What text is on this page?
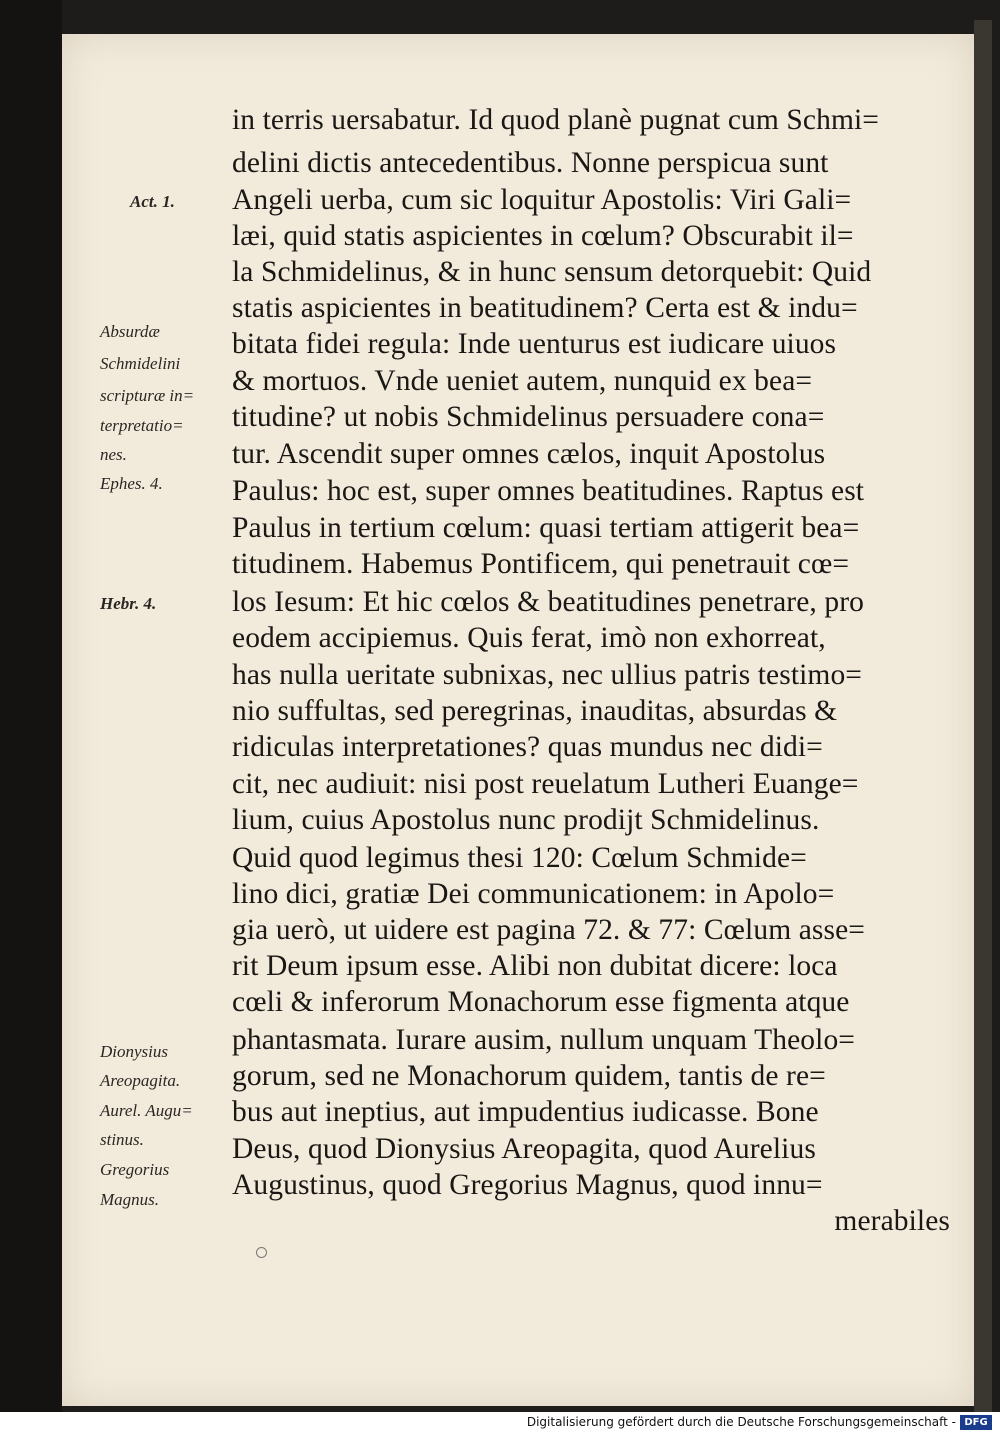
in terris uersabatur. Id quod planè pugnat cum Schmi=
delini dictis antecedentibus. Nonne perspicua sunt
Angeli uerba, cum sic loquitur Apostolis: Viri Gali=
læi, quid statis aspicientes in cœlum? Obscurabit il=
la Schmidelinus, & in hunc sensum detorquebit: Quid
statis aspicientes in beatitudinem? Certa est & indu=
bitata fidei regula: Inde uenturus est iudicare uiuos
& mortuos. Vnde ueniet autem, nunquid ex bea=
titudine? ut nobis Schmidelinus persuadere cona=
tur. Ascendit super omnes cælos, inquit Apostolus
Paulus: hoc est, super omnes beatitudines. Raptus est
Paulus in tertium cœlum: quasi tertiam attigerit bea=
titudinem. Habemus Pontificem, qui penetrauit cœ=
los Iesum: Et hic cœlos & beatitudines penetrare, pro
eodem accipiemus. Quis ferat, imò non exhorreat,
has nulla ueritate subnixas, nec ullius patris testimo=
nio suffultas, sed peregrinas, inauditas, absurdas &
ridiculas interpretationes? quas mundus nec didi=
cit, nec audiuit: nisi post reuelatum Lutheri Euange=
lium, cuius Apostolus nunc prodijt Schmidelinus.
Quid quod legimus thesi 120: Cœlum Schmide=
lino dici, gratiæ Dei communicationem: in Apolo=
gia uerò, ut uidere est pagina 72. & 77: Cœlum asse=
rit Deum ipsum esse. Alibi non dubitat dicere: loca
cœli & inferorum Monachorum esse figmenta atque
phantasmata. Iurare ausim, nullum unquam Theolo=
gorum, sed ne Monachorum quidem, tantis de re=
bus aut ineptius, aut impudentius iudicasse. Bone
Deus, quod Dionysius Areopagita, quod Aurelius
Augustinus, quod Gregorius Magnus, quod innu=
merabiles
Act. 1.
Absurdæ
Schmidelini
scripturæ in=
terpretatio=
nes.
Ephes. 4.
Hebr. 4.
Dionysius
Areopagita.
Aurel. Augu=
stinus.
Gregorius
Magnus.
Digitalisierung gefördert durch die Deutsche Forschungsgemeinschaft - DFG
